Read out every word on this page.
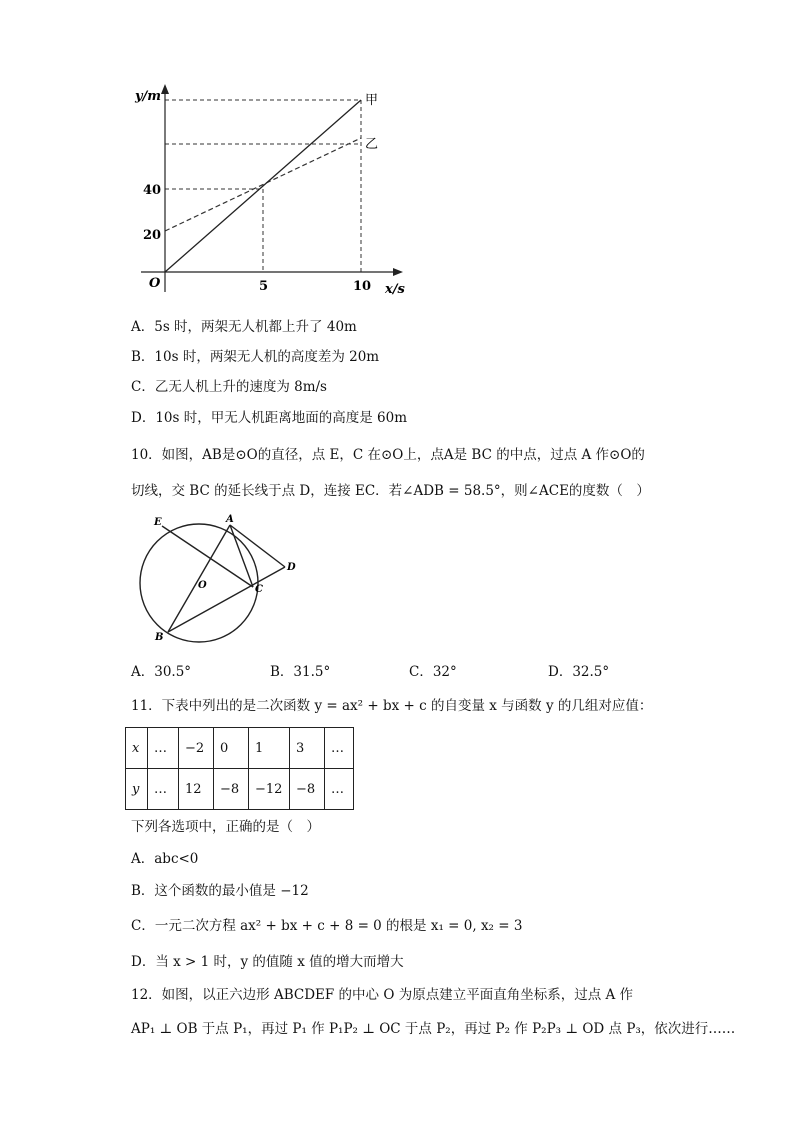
y/m
x/s
O
40
20
5	10
甲
乙
A．5s 时，两架无人机都上升了 40m
B．10s 时，两架无人机的高度差为 20m
C．乙无人机上升的速度为 8m/s
D．10s 时，甲无人机距离地面的高度是 60m
10．如图，AB是⊙O的直径，点 E，C 在⊙O上，点A是 BC 的中点，过点 A 作⊙O的
切线，交 BC 的延长线于点 D，连接 EC．若∠ADB = 58.5°，则∠ACE的度数（　）
E	A
D
O	C
B
A．30.5°	B．31.5°	C．32°	D．32.5°
11．下表中列出的是二次函数 y = ax² + bx + c 的自变量 x 与函数 y 的几组对应值：
x	…	−2	0	1	3	…
y	…	12	−8	−12	−8	…
下列各选项中，正确的是（　）
A．abc<0
B．这个函数的最小值是 −12
C．一元二次方程 ax² + bx + c + 8 = 0 的根是 x₁ = 0, x₂ = 3
D．当 x > 1 时，y 的值随 x 值的增大而增大
12．如图，以正六边形 ABCDEF 的中心 O 为原点建立平面直角坐标系，过点 A 作
AP₁ ⊥ OB 于点 P₁，再过 P₁ 作 P₁P₂ ⊥ OC 于点 P₂，再过 P₂ 作 P₂P₃ ⊥ OD 点 P₃，依次进行……
